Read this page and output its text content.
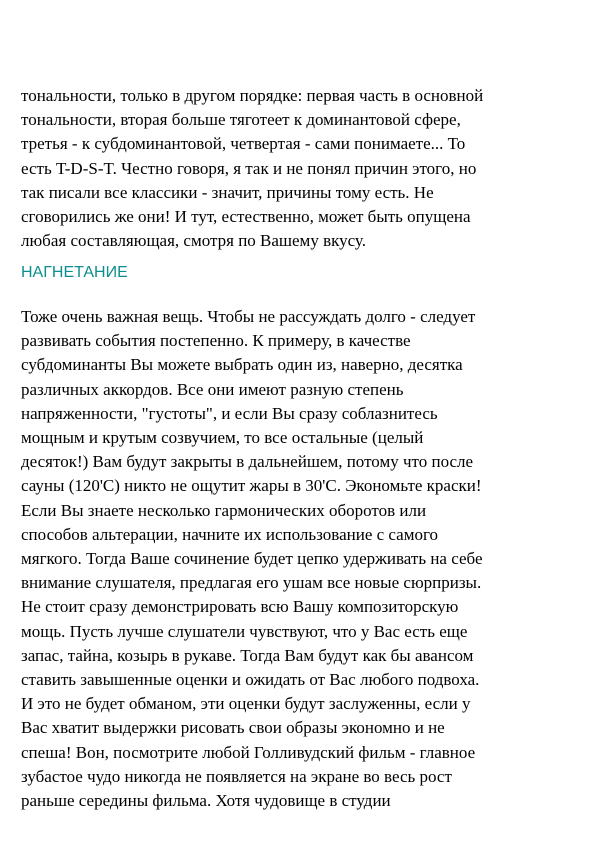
тональности, только в другом порядке: первая часть в основной
тональности, вторая больше тяготеет к доминантовой сфере,
третья - к субдоминантовой, четвертая - сами понимаете... То
есть T-D-S-T. Честно говоря, я так и не понял причин этого, но
так писали все классики - значит, причины тому есть. Не
сговорились же они! И тут, естественно, может быть опущена
любая составляющая, смотря по Вашему вкусу.

НАГНЕТАНИЕ

Тоже очень важная вещь. Чтобы не рассуждать долго - следует
развивать события постепенно. К примеру, в качестве
субдоминанты Вы можете выбрать один из, наверно, десятка
различных аккордов. Все они имеют разную степень
напряженности, "густоты", и если Вы сразу соблазнитесь
мощным и крутым созвучием, то все остальные (целый
десяток!) Вам будут закрыты в дальнейшем, потому что после
сауны (120'С) никто не ощутит жары в 30'С. Экономьте краски!
Если Вы знаете несколько гармонических оборотов или
способов альтерации, начните их использование с самого
мягкого. Тогда Ваше сочинение будет цепко удерживать на себе
внимание слушателя, предлагая его ушам все новые сюрпризы.
Не стоит сразу демонстрировать всю Вашу композиторскую
мощь. Пусть лучше слушатели чувствуют, что у Вас есть еще
запас, тайна, козырь в рукаве. Тогда Вам будут как бы авансом
ставить завышенные оценки и ожидать от Вас любого подвоха.
И это не будет обманом, эти оценки будут заслуженны, если у
Вас хватит выдержки рисовать свои образы экономно и не
спеша! Вон, посмотрите любой Голливудский фильм - главное
зубастое чудо никогда не появляется на экране во весь рост
раньше середины фильма. Хотя чудовище в студии
